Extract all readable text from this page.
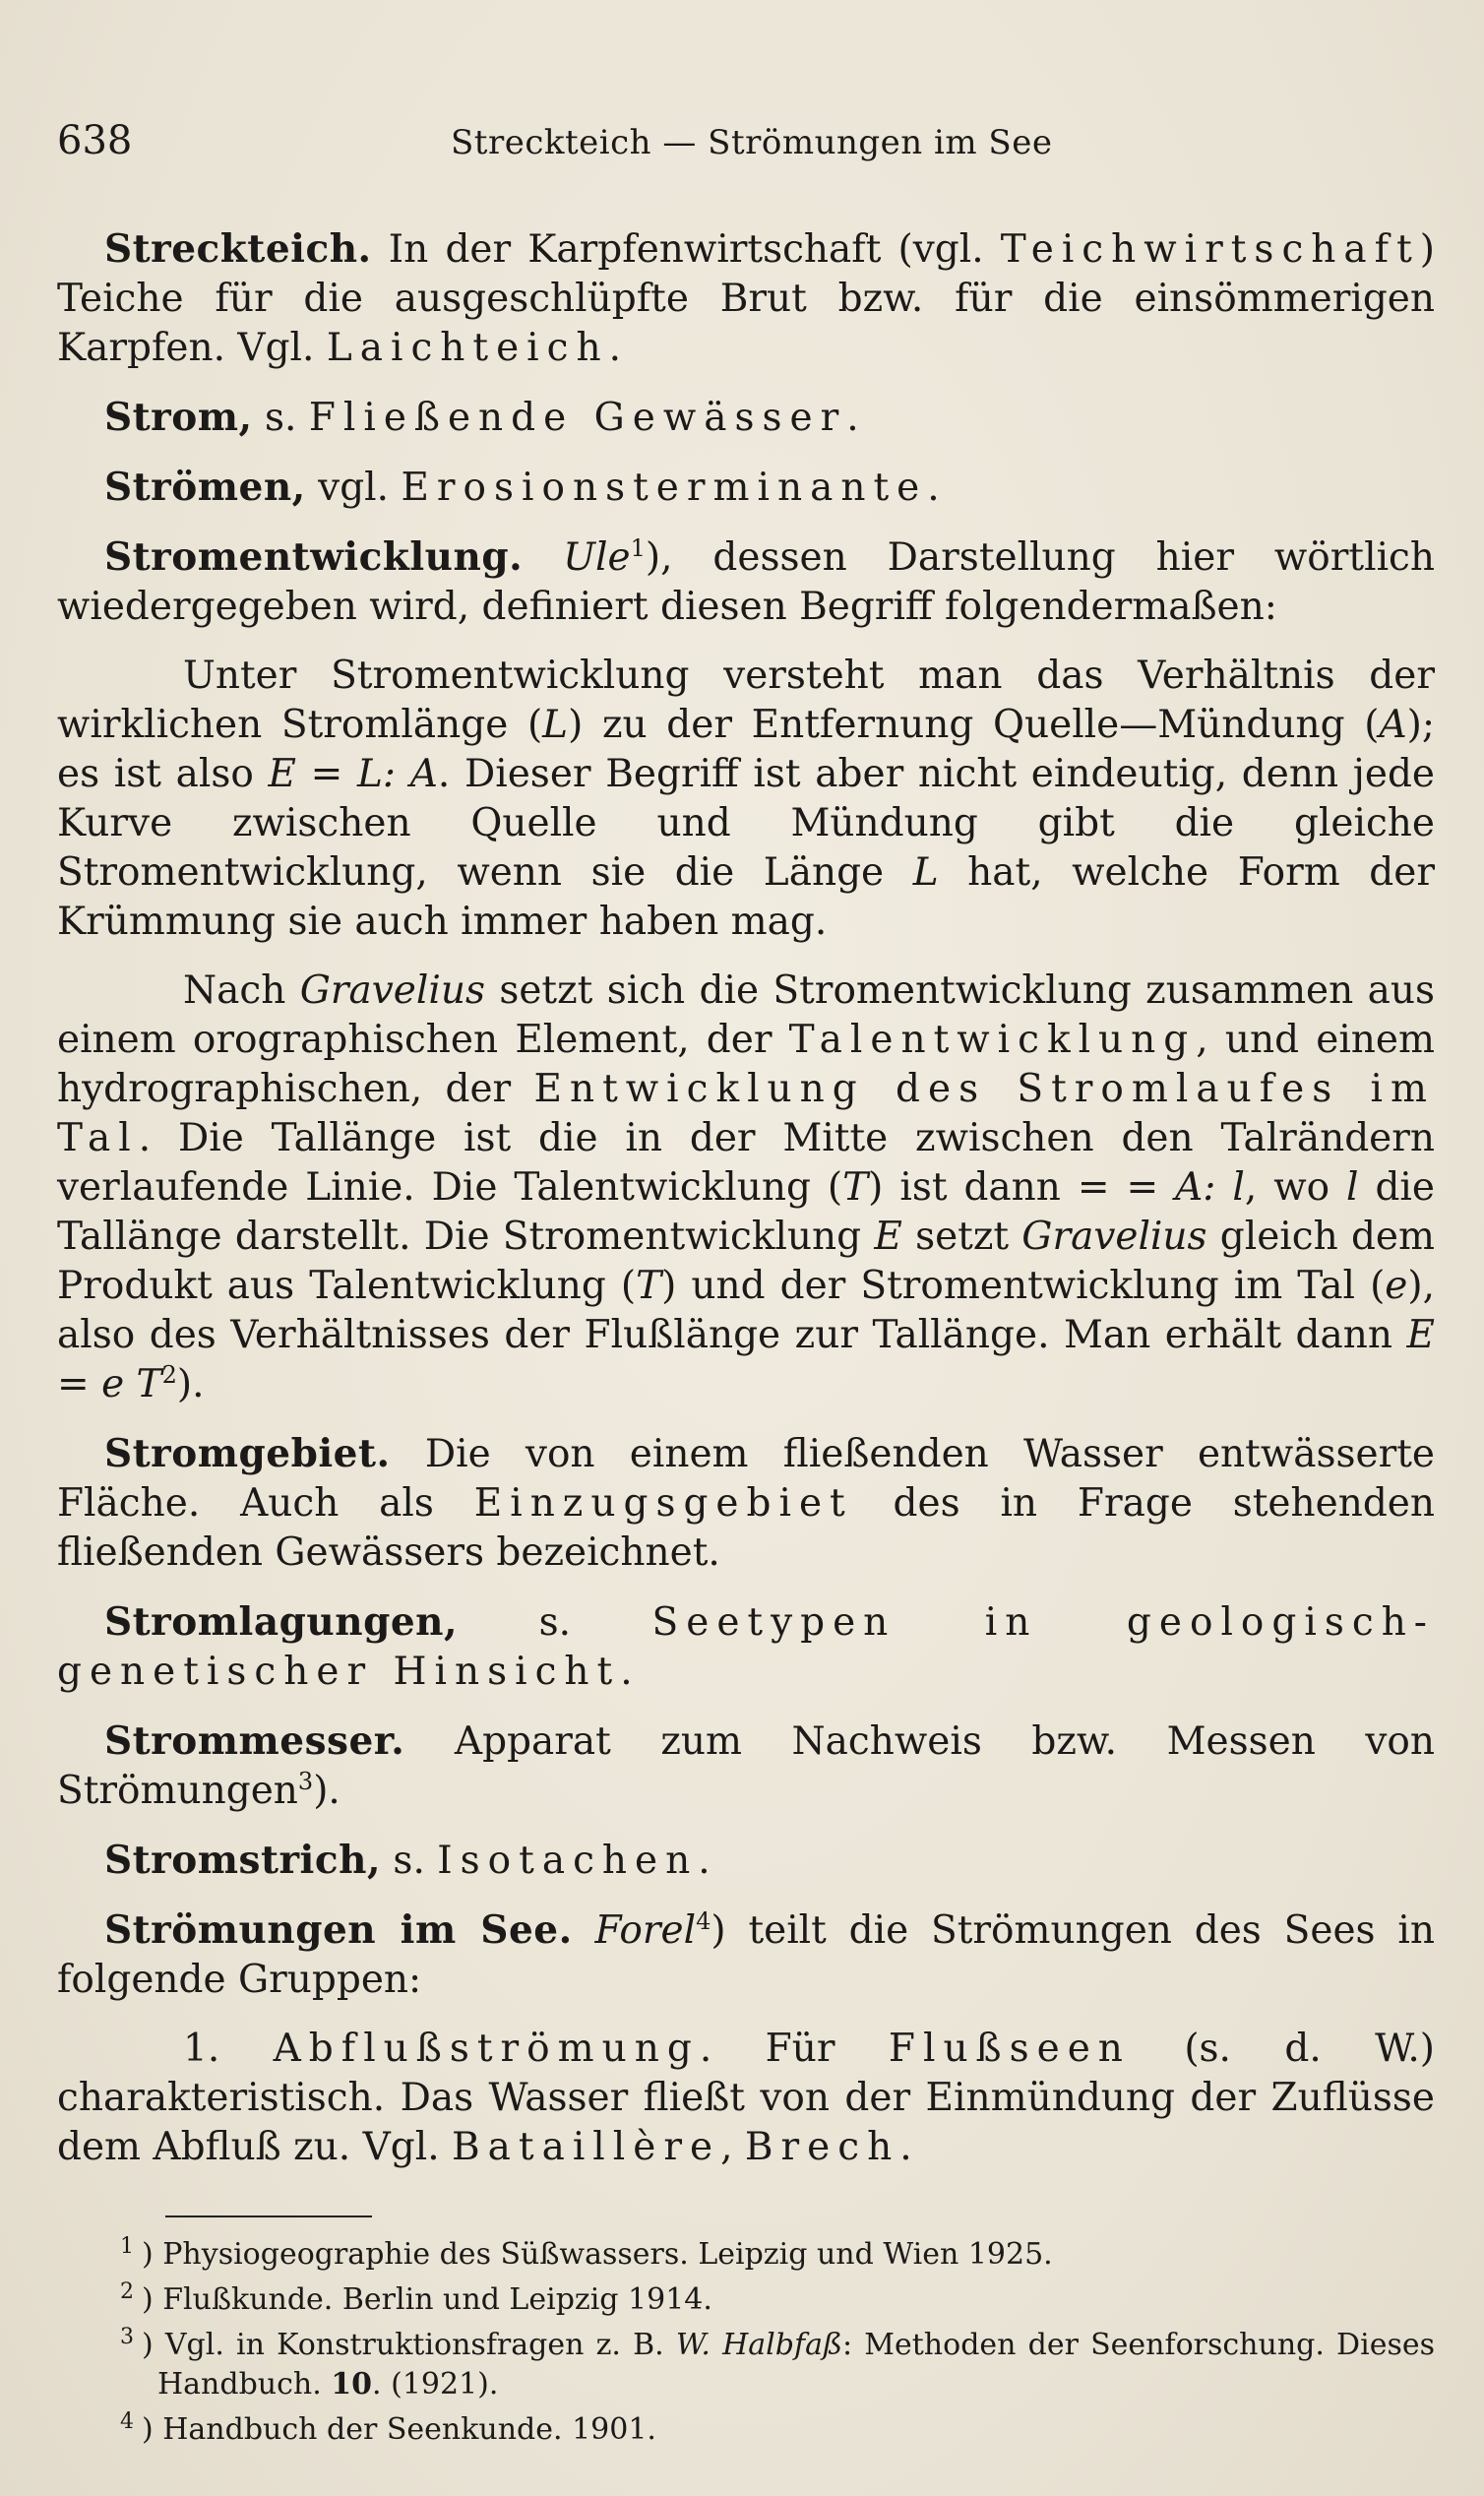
638	Streckteich — Strömungen im See

Streckteich. In der Karpfenwirtschaft (vgl. Teichwirtschaft) Teiche für die ausgeschlüpfte Brut bzw. für die einsömmerigen Karpfen. Vgl. Laichteich.

Strom, s. Fließende Gewässer.

Strömen, vgl. Erosionsterminante.

Stromentwicklung. Ule$^1$), dessen Darstellung hier wörtlich wiedergegeben wird, definiert diesen Begriff folgendermaßen:

Unter Stromentwicklung versteht man das Verhältnis der wirklichen Stromlänge (L) zu der Entfernung Quelle—Mündung (A); es ist also E = L: A. Dieser Begriff ist aber nicht eindeutig, denn jede Kurve zwischen Quelle und Mündung gibt die gleiche Stromentwicklung, wenn sie die Länge L hat, welche Form der Krümmung sie auch immer haben mag.

Nach Gravelius setzt sich die Stromentwicklung zusammen aus einem orographischen Element, der Talentwicklung, und einem hydrographischen, der Entwicklung des Stromlaufes im Tal. Die Tallänge ist die in der Mitte zwischen den Talrändern verlaufende Linie. Die Talentwicklung (T) ist dann = = A: l, wo l die Tallänge darstellt. Die Stromentwicklung E setzt Gravelius gleich dem Produkt aus Talentwicklung (T) und der Stromentwicklung im Tal (e), also des Verhältnisses der Flußlänge zur Tallänge. Man erhält dann E = e $T^2$).

Stromgebiet. Die von einem fließenden Wasser entwässerte Fläche. Auch als Einzugsgebiet des in Frage stehenden fließenden Gewässers bezeichnet.

Stromlagungen, s. Seetypen in geologisch-genetischer Hinsicht.

Strommesser. Apparat zum Nachweis bzw. Messen von Strömungen$^3$).

Stromstrich, s. Isotachen.

Strömungen im See. Forel$^4$) teilt die Strömungen des Sees in folgende Gruppen:

1. Abflußströmung. Für Flußseen (s. d. W.) charakteristisch. Das Wasser fließt von der Einmündung der Zuflüsse dem Abfluß zu. Vgl. Bataillère, Brech.

$^1$ ) Physiogeographie des Süßwassers. Leipzig und Wien 1925.

$^2$ ) Flußkunde. Berlin und Leipzig 1914.

$^3$ ) Vgl. in Konstruktionsfragen z. B. W. Halbfaß: Methoden der Seenforschung. Dieses Handbuch. 10. (1921).

$^4$ ) Handbuch der Seenkunde. 1901.
